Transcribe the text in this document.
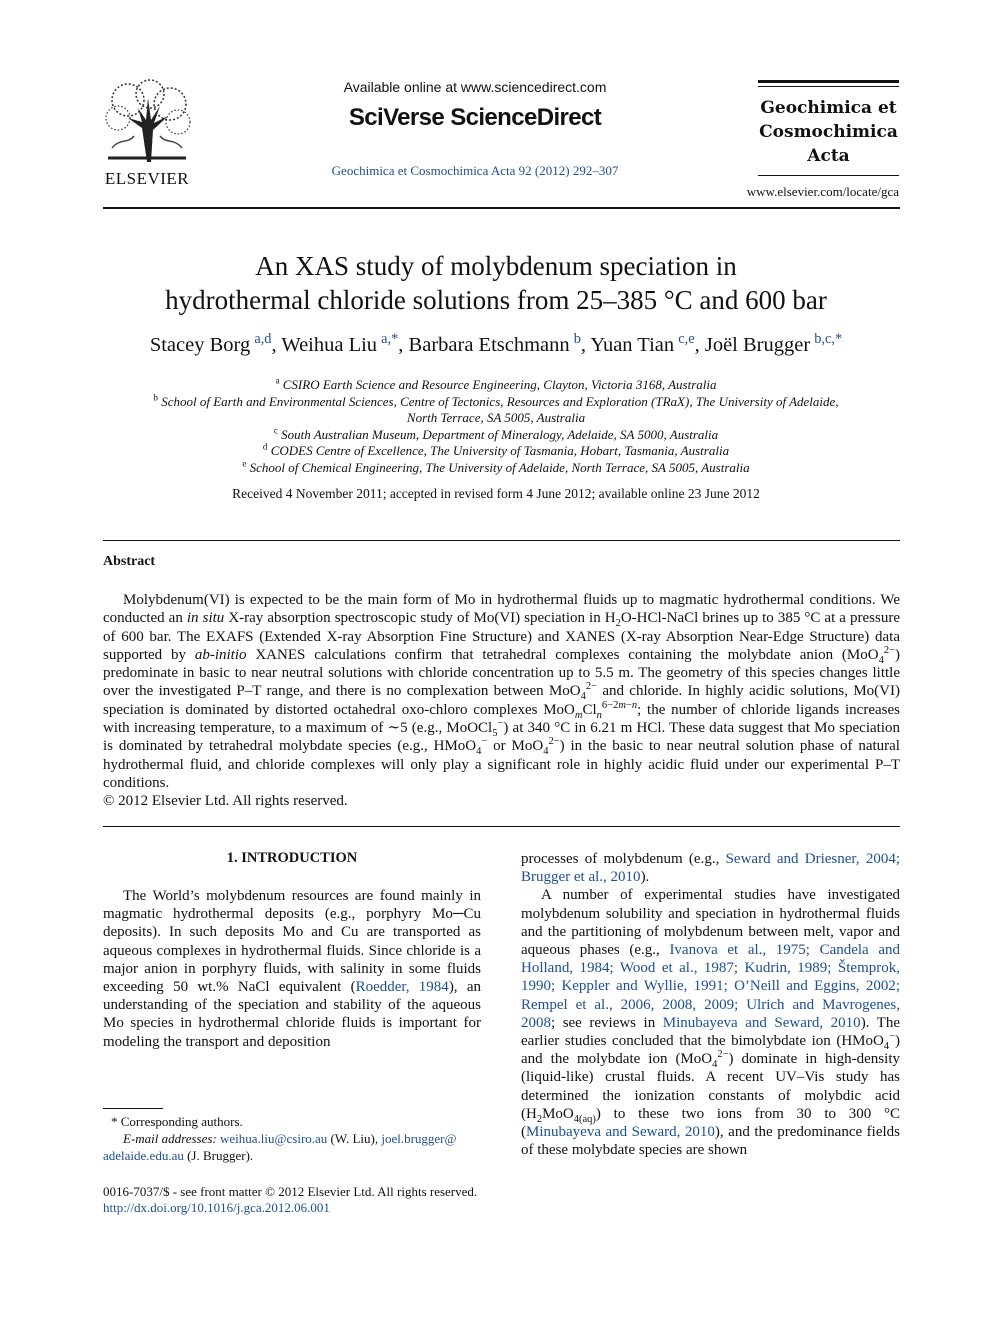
ELSEVIER
Available online at www.sciencedirect.com
SciVerse ScienceDirect
Geochimica et Cosmochimica Acta 92 (2012) 292–307
Geochimica et
Cosmochimica
Acta
www.elsevier.com/locate/gca
An XAS study of molybdenum speciation in
hydrothermal chloride solutions from 25–385 °C and 600 bar
Stacey Borg  $^{a,d}$, Weihua Liu  $^{a,*}$, Barbara Etschmann  $^b$, Yuan Tian  $^{c,e}$, Joël Brugger  $^{b,c,*}$
$^a$ CSIRO Earth Science and Resource Engineering, Clayton, Victoria 3168, Australia
$^b$ School of Earth and Environmental Sciences, Centre of Tectonics, Resources and Exploration (TRaX), The University of Adelaide,
North Terrace, SA 5005, Australia
$^c$ South Australian Museum, Department of Mineralogy, Adelaide, SA 5000, Australia
$^d$ CODES Centre of Excellence, The University of Tasmania, Hobart, Tasmania, Australia
$^e$ School of Chemical Engineering, The University of Adelaide, North Terrace, SA 5005, Australia
Received 4 November 2011; accepted in revised form 4 June 2012; available online 23 June 2012
Abstract

Molybdenum(VI) is expected to be the main form of Mo in hydrothermal fluids up to magmatic hydrothermal conditions. We conducted an in situ X-ray absorption spectroscopic study of Mo(VI) speciation in $H_2O-HCl$-NaCl brines up to 385 °C at a pressure of 600 bar. The EXAFS (Extended X-ray Absorption Fine Structure) and XANES (X-ray Absorption Near-Edge Structure) data supported by ab-initio XANES calculations confirm that tetrahedral complexes containing the molybdate anion (MoO$_4^{2-}$) predominate in basic to near neutral solutions with chloride concentration up to 5.5 m. The geometry of this species changes little over the investigated P–T range, and there is no complexation between MoO$_4^{2-}$ and chloride. In highly acidic solutions, Mo(VI) speciation is dominated by distorted octahedral oxo-chloro complexes $MoO_mCl_n^{6-2m-n}$; the number of chloride ligands increases with increasing temperature, to a maximum of ∼5 (e.g., MoOCl$_5$−) at 340 °C in 6.21 m HCl. These data suggest that Mo speciation is dominated by tetrahedral molybdate species (e.g., HMoO$_4$− or MoO$_4^{2-}$) in the basic to near neutral solution phase of natural hydrothermal fluid, and chloride complexes will only play a significant role in highly acidic fluid under our experimental P–T conditions.

© 2012 Elsevier Ltd. All rights reserved.

1. INTRODUCTION

The World’s molybdenum resources are found mainly in magmatic hydrothermal deposits (e.g., porphyry Mo─Cu deposits). In such deposits Mo and Cu are transported as aqueous complexes in hydrothermal fluids. Since chloride is a major anion in porphyry fluids, with salinity in some fluids exceeding 50 wt.% NaCl equivalent (Roedder, 1984), an understanding of the speciation and stability of the aqueous Mo species in hydrothermal chloride fluids is important for modeling the transport and deposition

* Corresponding authors.
E-mail addresses: weihua.liu@csiro.au (W. Liu), joel.brugger@
adelaide.edu.au (J. Brugger).
0016-7037/$ - see front matter © 2012 Elsevier Ltd. All rights reserved.
http://dx.doi.org/10.1016/j.gca.2012.06.001

processes of molybdenum (e.g., Seward and Driesner, 2004; Brugger et al., 2010).

A number of experimental studies have investigated molybdenum solubility and speciation in hydrothermal fluids and the partitioning of molybdenum between melt, vapor and aqueous phases (e.g., Ivanova et al., 1975; Candela and Holland, 1984; Wood et al., 1987; Kudrin, 1989; Štemprok, 1990; Keppler and Wyllie, 1991; O’Neill and Eggins, 2002; Rempel et al., 2006, 2008, 2009; Ulrich and Mavrogenes, 2008; see reviews in Minubayeva and Seward, 2010). The earlier studies concluded that the bimolybdate ion (HMoO$_4$−) and the molybdate ion (MoO$_4^{2-}$) dominate in high-density (liquid-like) crustal fluids. A recent UV–Vis study has determined the ionization constants of molybdic acid $(H_2MoO_{4(aq)})$ to these two ions from 30 to 300 °C (Minubayeva and Seward, 2010), and the predominance fields of these molybdate species are shown
